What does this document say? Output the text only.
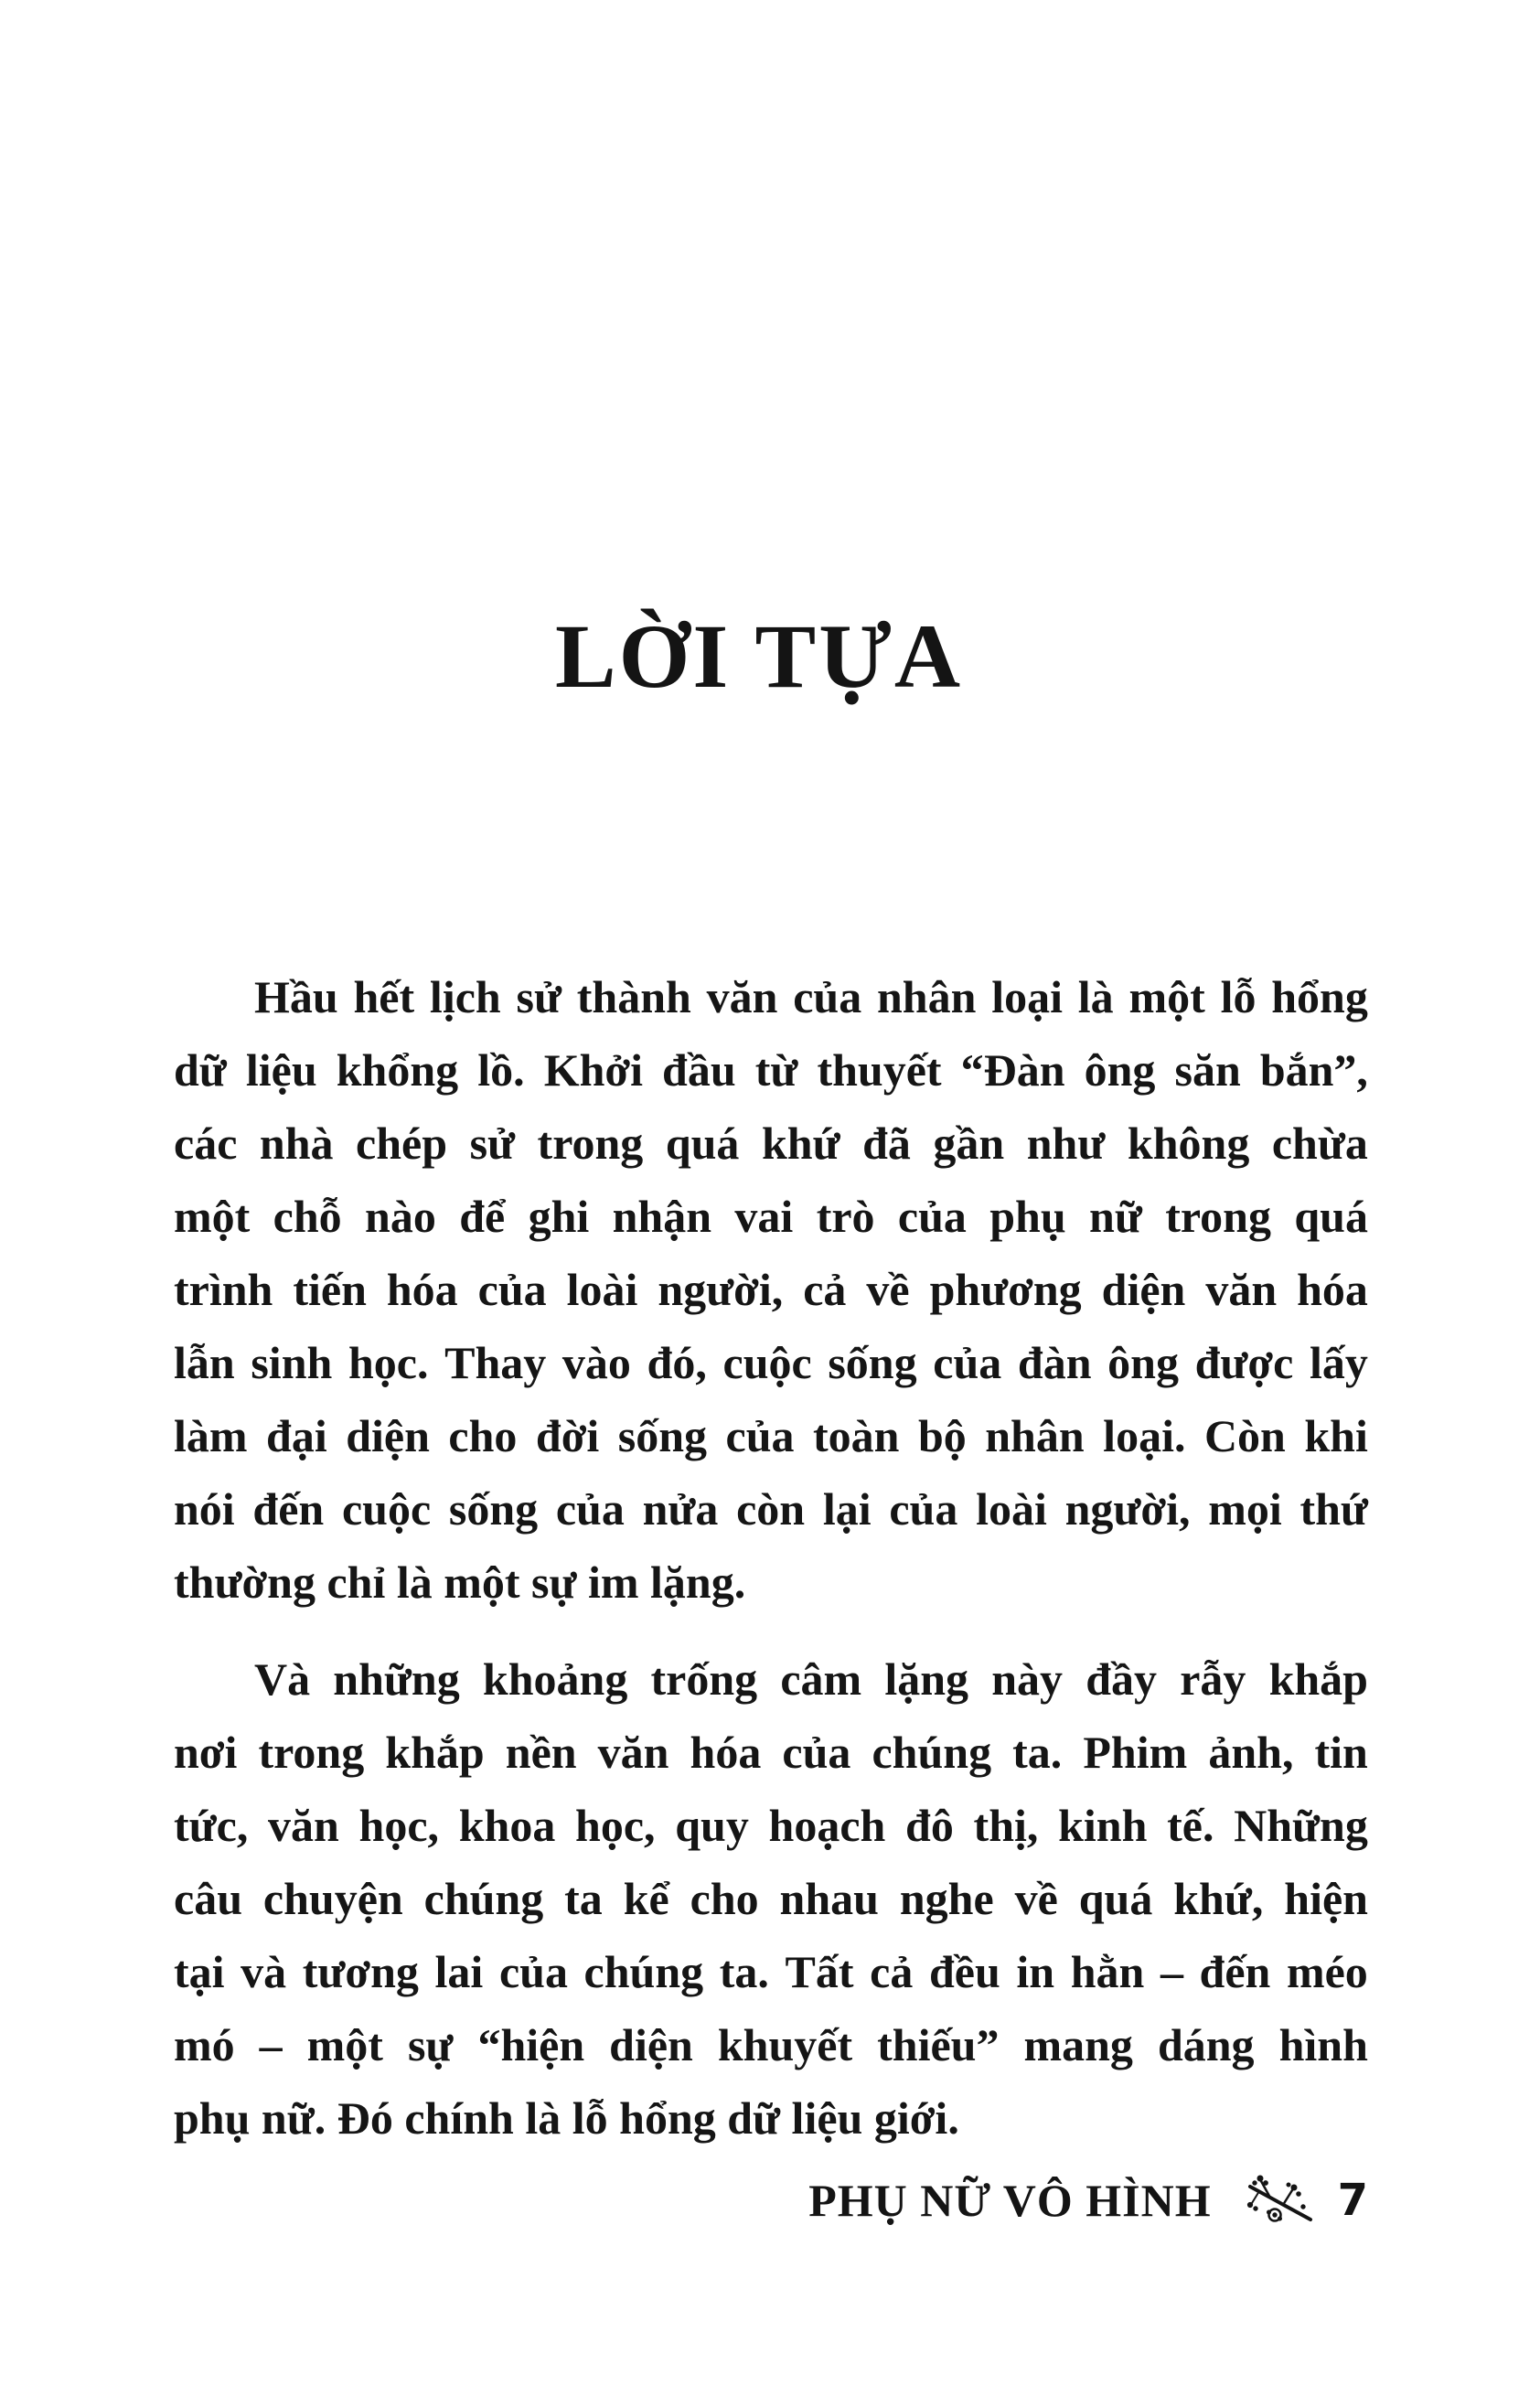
LỜI TỰA
Hầu hết lịch sử thành văn của nhân loại là một lỗ hổng
dữ liệu khổng lồ. Khởi đầu từ thuyết “Đàn ông săn bắn”,
các nhà chép sử trong quá khứ đã gần như không chừa
một chỗ nào để ghi nhận vai trò của phụ nữ trong quá
trình tiến hóa của loài người, cả về phương diện văn hóa
lẫn sinh học. Thay vào đó, cuộc sống của đàn ông được lấy
làm đại diện cho đời sống của toàn bộ nhân loại. Còn khi
nói đến cuộc sống của nửa còn lại của loài người, mọi thứ
thường chỉ là một sự im lặng.
Và những khoảng trống câm lặng này đầy rẫy khắp
nơi trong khắp nền văn hóa của chúng ta. Phim ảnh, tin
tức, văn học, khoa học, quy hoạch đô thị, kinh tế. Những
câu chuyện chúng ta kể cho nhau nghe về quá khứ, hiện
tại và tương lai của chúng ta. Tất cả đều in hằn – đến méo
mó – một sự “hiện diện khuyết thiếu” mang dáng hình
phụ nữ. Đó chính là lỗ hổng dữ liệu giới.
PHỤ NỮ VÔ HÌNH	7
